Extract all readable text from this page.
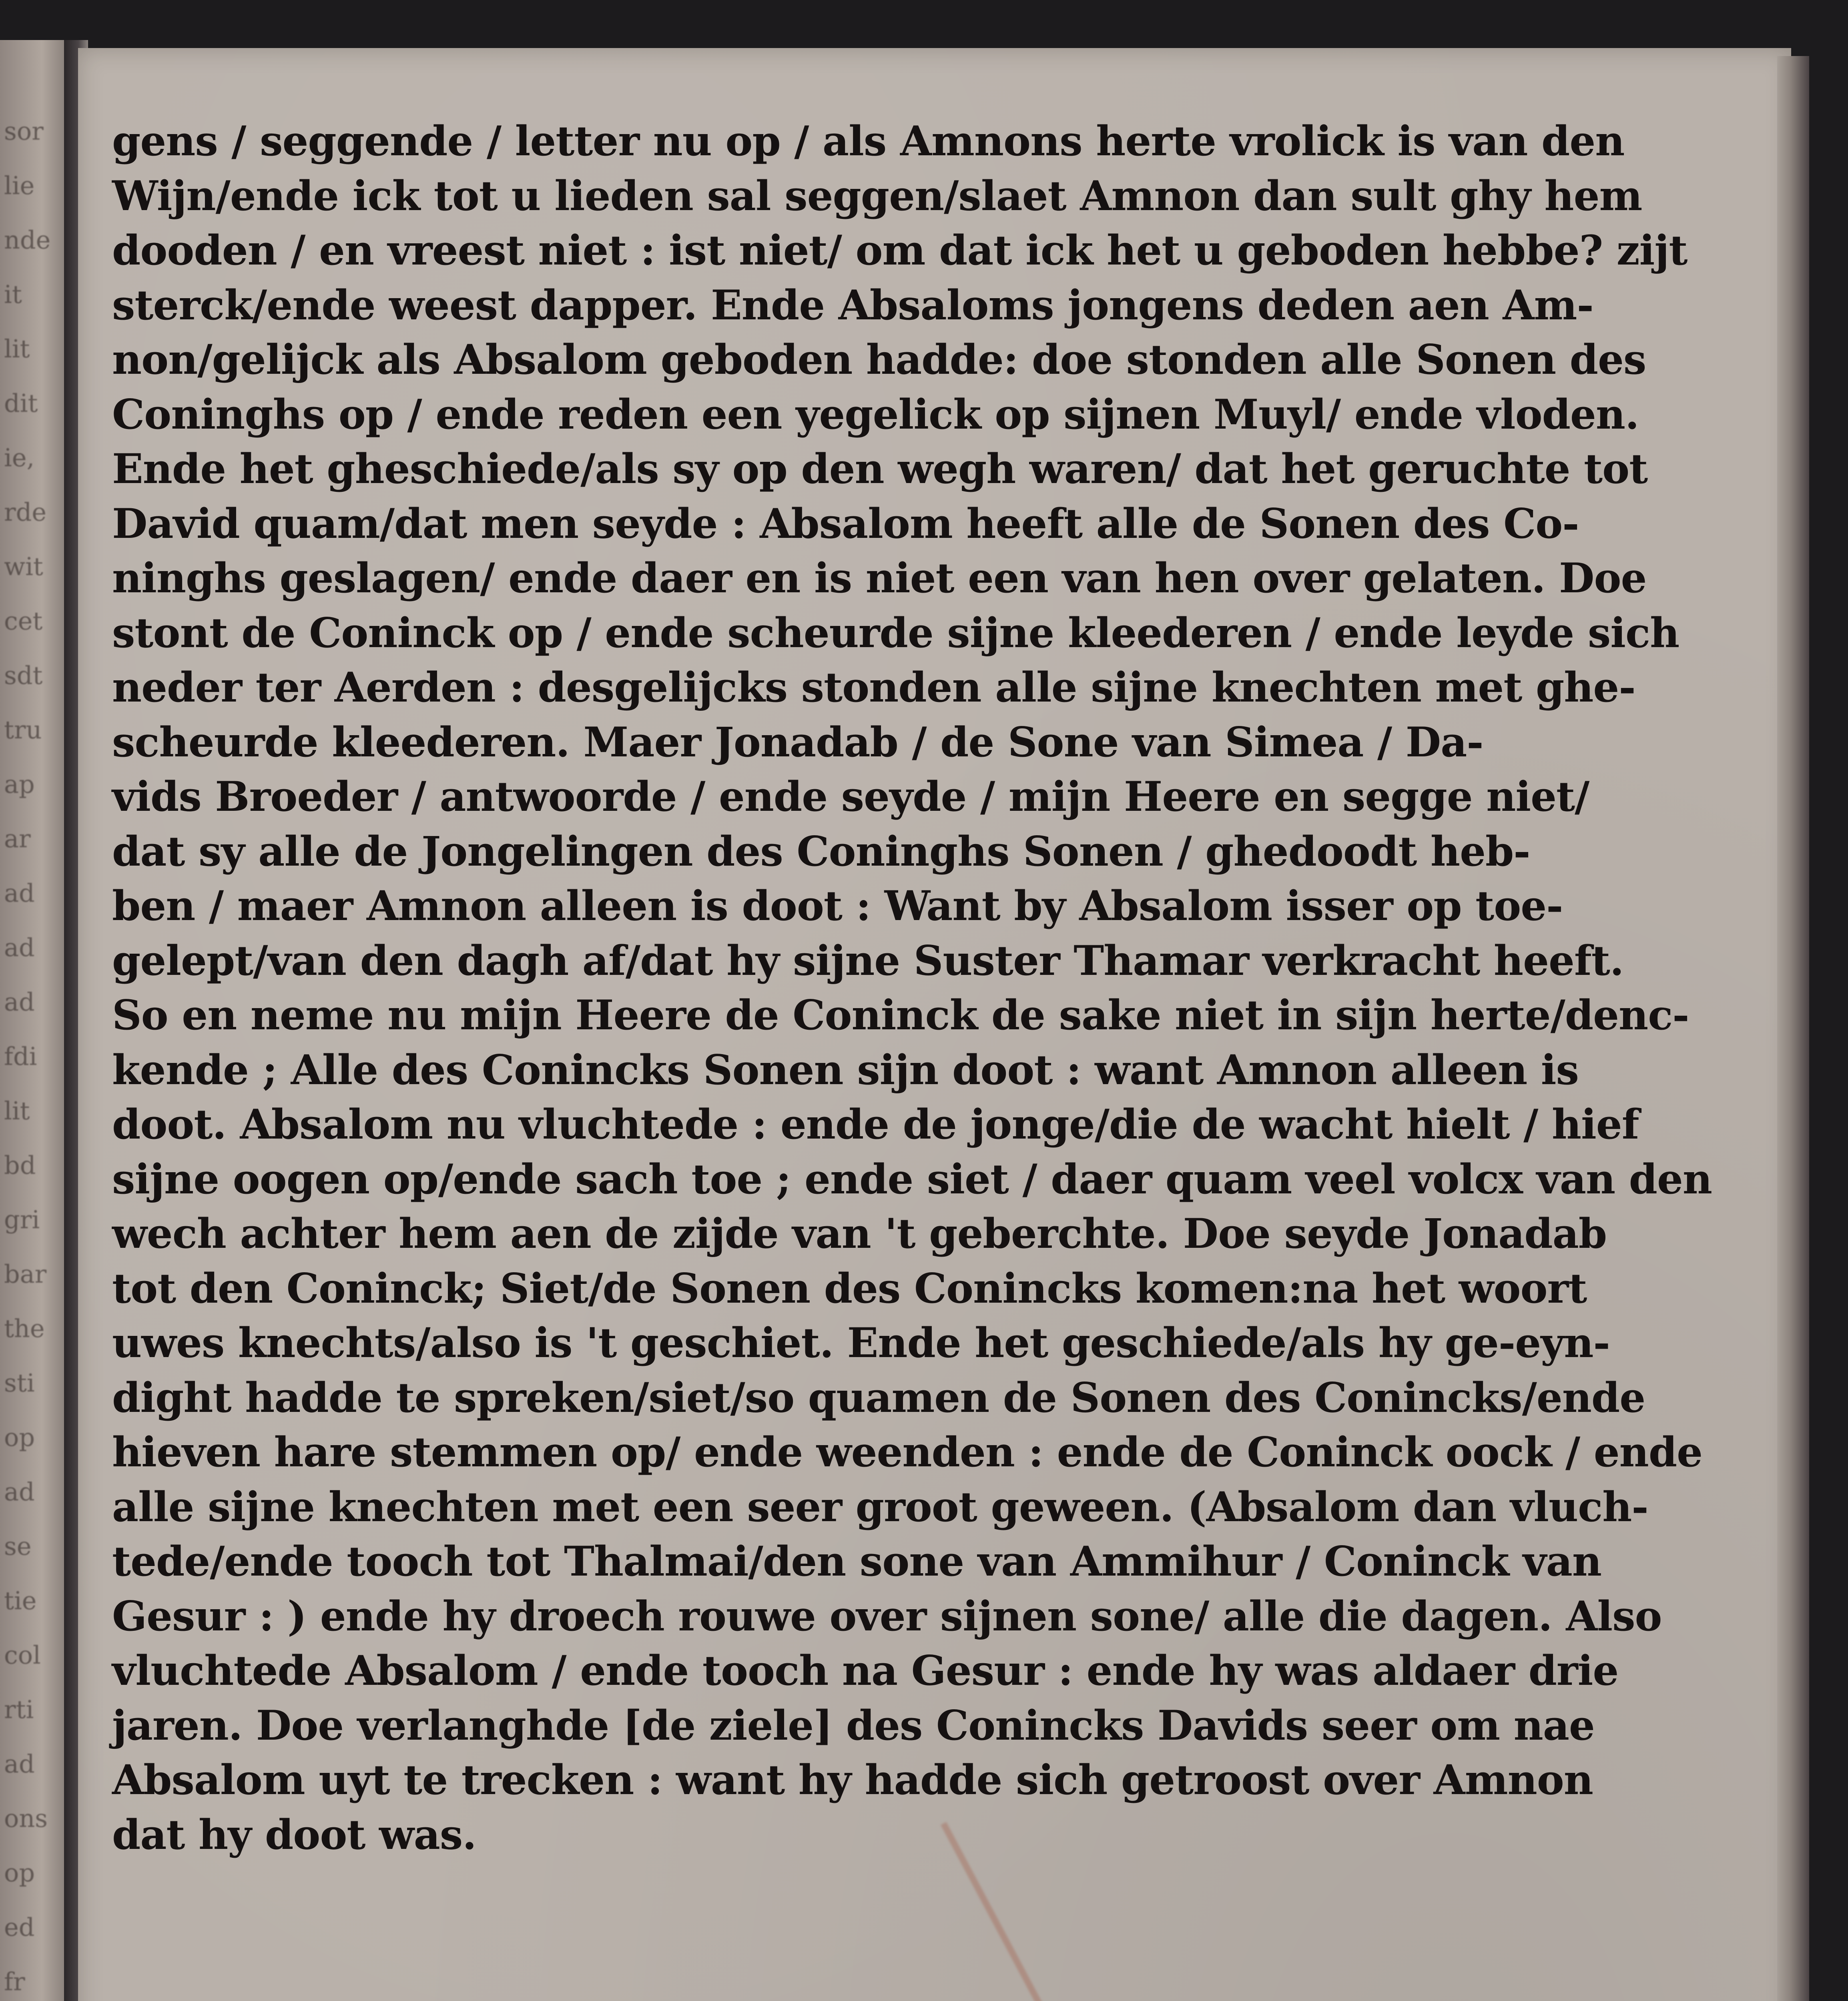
sor
lie
nde
it
lit
dit
ie,
rde
wit
cet
sdt
tru
ap
ar
ad
ad
ad
fdi
lit
bd
gri
bar
the
sti
op
ad
se
tie
col
rti
ad
ons
op
ed
fr
gens / seggende / letter nu op / als Amnons herte vrolick is van den
Wijn/ende ick tot u lieden sal seggen/slaet Amnon dan sult ghy hem
dooden / en vreest niet : ist niet/ om dat ick het u geboden hebbe? zijt
sterck/ende weest dapper. Ende Absaloms jongens deden aen Am-
non/gelijck als Absalom geboden hadde: doe stonden alle Sonen des
Coninghs op / ende reden een yegelick op sijnen Muyl/ ende vloden.
Ende het gheschiede/als sy op den wegh waren/ dat het geruchte tot
David quam/dat men seyde : Absalom heeft alle de Sonen des Co-
ninghs geslagen/ ende daer en is niet een van hen over gelaten. Doe
stont de Coninck op / ende scheurde sijne kleederen / ende leyde sich
neder ter Aerden : desgelijcks stonden alle sijne knechten met ghe-
scheurde kleederen. Maer Jonadab / de Sone van Simea / Da-
vids Broeder / antwoorde / ende seyde / mijn Heere en segge niet/
dat sy alle de Jongelingen des Coninghs Sonen / ghedoodt heb-
ben / maer Amnon alleen is doot : Want by Absalom isser op toe-
gelept/van den dagh af/dat hy sijne Suster Thamar verkracht heeft.
So en neme nu mijn Heere de Coninck de sake niet in sijn herte/denc-
kende ; Alle des Conincks Sonen sijn doot : want Amnon alleen is
doot. Absalom nu vluchtede : ende de jonge/die de wacht hielt / hief
sijne oogen op/ende sach toe ; ende siet / daer quam veel volcx van den
wech achter hem aen de zijde van 't geberchte. Doe seyde Jonadab
tot den Coninck; Siet/de Sonen des Conincks komen:na het woort
uwes knechts/also is 't geschiet. Ende het geschiede/als hy ge-eyn-
dight hadde te spreken/siet/so quamen de Sonen des Conincks/ende
hieven hare stemmen op/ ende weenden : ende de Coninck oock / ende
alle sijne knechten met een seer groot geween. (Absalom dan vluch-
tede/ende tooch tot Thalmai/den sone van Ammihur / Coninck van
Gesur : ) ende hy droech rouwe over sijnen sone/ alle die dagen. Also
vluchtede Absalom / ende tooch na Gesur : ende hy was aldaer drie
jaren. Doe verlanghde [de ziele] des Conincks Davids seer om nae
Absalom uyt te trecken : want hy hadde sich getroost over Amnon
dat hy doot was.
